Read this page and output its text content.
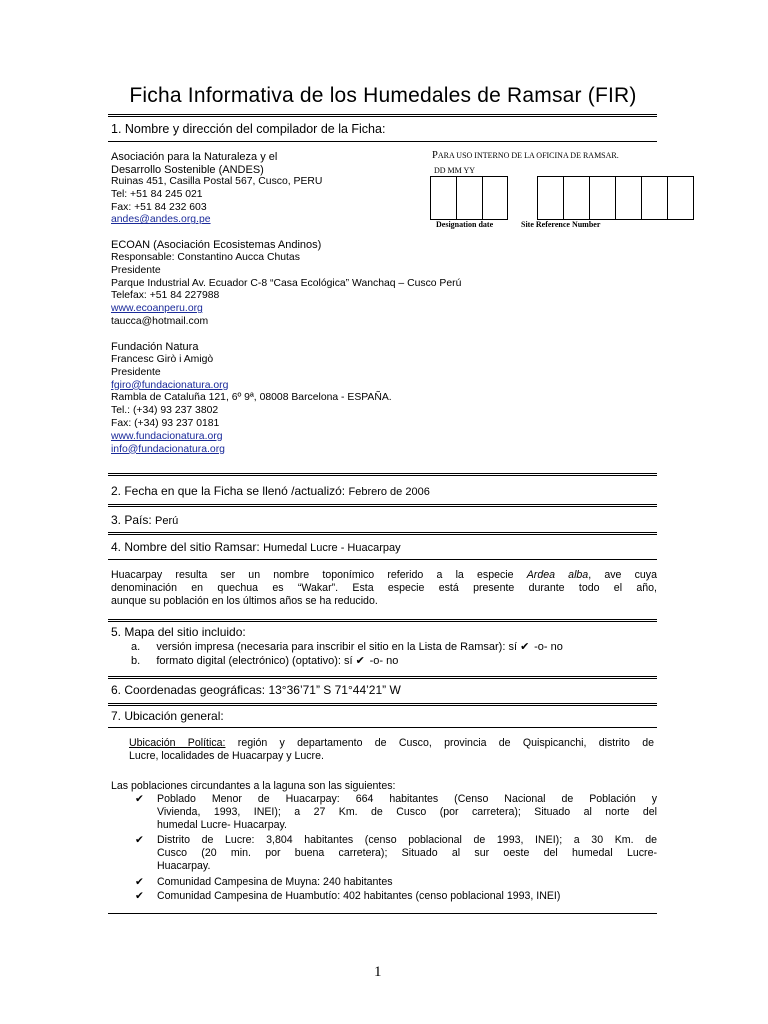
Ficha Informativa de los Humedales de Ramsar (FIR)
1. Nombre y dirección del compilador de la Ficha:
Asociación para la Naturaleza y el
Desarrollo Sostenible (ANDES)
Ruinas 451, Casilla Postal 567, Cusco, PERU
Tel: +51 84 245 021
Fax: +51 84 232 603
andes@andes.org.pe
ECOAN (Asociación Ecosistemas Andinos)
Responsable: Constantino Aucca Chutas
Presidente
Parque Industrial Av. Ecuador C-8 “Casa Ecológica” Wanchaq – Cusco Perú
Telefax: +51 84 227988
www.ecoanperu.org
taucca@hotmail.com
Fundación Natura
Francesc Girò i Amigò
Presidente
fgiro@fundacionatura.org
Rambla de Cataluña 121, 6º 9ª, 08008 Barcelona - ESPAÑA.
Tel.: (+34) 93 237 3802
Fax: (+34) 93 237 0181
www.fundacionatura.org
info@fundacionatura.org
PARA USO INTERNO DE LA OFICINA DE RAMSAR.
DD MM YY
Designation date	Site Reference Number
2. Fecha en que la Ficha se llenó /actualizó: Febrero de 2006
3. País: Perú
4. Nombre del sitio Ramsar: Humedal Lucre - Huacarpay
Huacarpay resulta ser un nombre toponímico referido a la especie Ardea alba, ave cuya
denominación en quechua es “Wakar”. Esta especie está presente durante todo el año,
aunque su población en los últimos años se ha reducido.
5. Mapa del sitio incluido:
a. versión impresa (necesaria para inscribir el sitio en la Lista de Ramsar): sí ✔ -o- no
b. formato digital (electrónico) (optativo): sí ✔ -o- no
6. Coordenadas geográficas: 13°36’71” S 71°44’21” W
7. Ubicación general:
Ubicación Política: región y departamento de Cusco, provincia de Quispicanchi, distrito de
Lucre, localidades de Huacarpay y Lucre.
Las poblaciones circundantes a la laguna son las siguientes:
✔	Poblado Menor de Huacarpay: 664 habitantes (Censo Nacional de Población y
Vivienda, 1993, INEI); a 27 Km. de Cusco (por carretera); Situado al norte del
humedal Lucre- Huacarpay.
✔	Distrito de Lucre: 3,804 habitantes (censo poblacional de 1993, INEI); a 30 Km. de
Cusco (20 min. por buena carretera); Situado al sur oeste del humedal Lucre-
Huacarpay.
✔	Comunidad Campesina de Muyna: 240 habitantes
✔	Comunidad Campesina de Huambutío: 402 habitantes (censo poblacional 1993, INEI)
1
